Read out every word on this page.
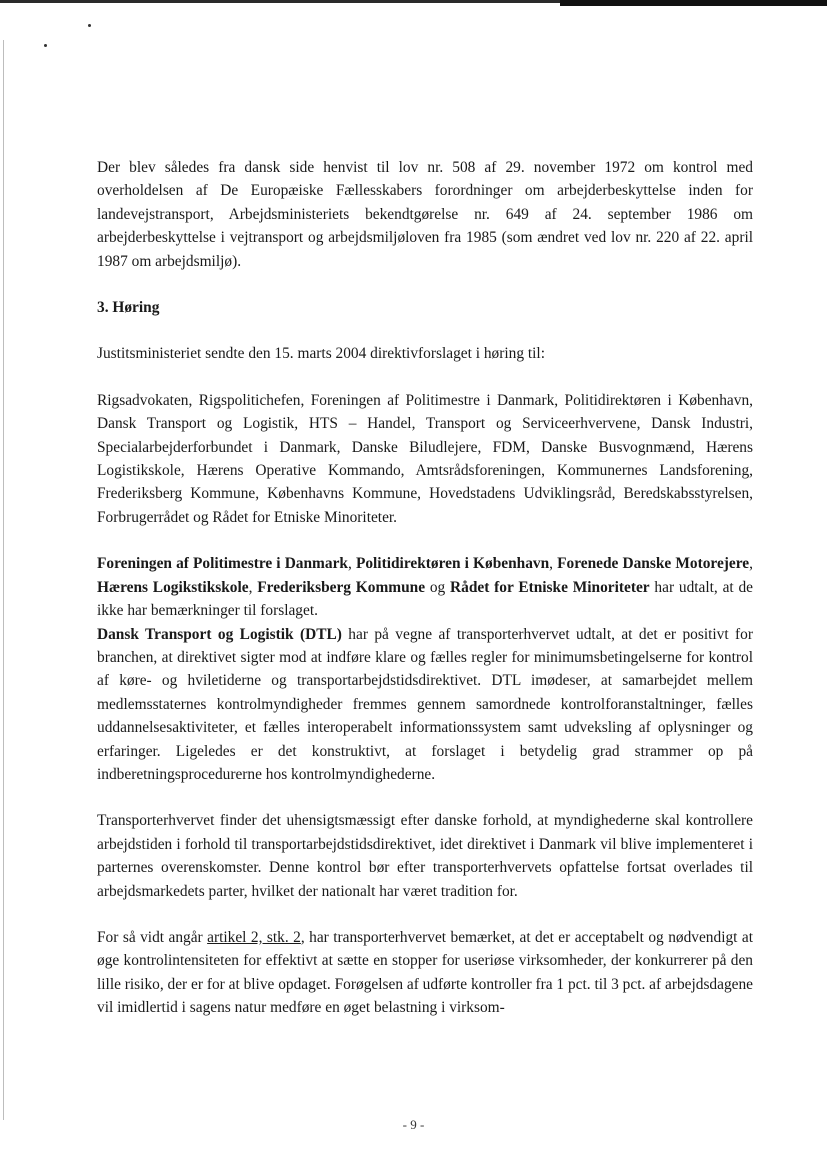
Der blev således fra dansk side henvist til lov nr. 508 af 29. november 1972 om kontrol med overholdelsen af De Europæiske Fællesskabers forordninger om arbejderbeskyttelse inden for landevejstransport, Arbejdsministeriets bekendtgørelse nr. 649 af 24. september 1986 om arbejderbeskyttelse i vejtransport og arbejdsmiljøloven fra 1985 (som ændret ved lov nr. 220 af 22. april 1987 om arbejdsmiljø).

3. Høring

Justitsministeriet sendte den 15. marts 2004 direktivforslaget i høring til:

Rigsadvokaten, Rigspolitichefen, Foreningen af Politimestre i Danmark, Politidirektøren i København, Dansk Transport og Logistik, HTS – Handel, Transport og Serviceerhvervene, Dansk Industri, Specialarbejderforbundet i Danmark, Danske Biludlejere, FDM, Danske Busvognmænd, Hærens Logistikskole, Hærens Operative Kommando, Amtsrådsforeningen, Kommunernes Landsforening, Frederiksberg Kommune, Københavns Kommune, Hovedstadens Udviklingsråd, Beredskabsstyrelsen, Forbrugerrådet og Rådet for Etniske Minoriteter.

Foreningen af Politimestre i Danmark, Politidirektøren i København, Forenede Danske Motorejere, Hærens Logikstikskole, Frederiksberg Kommune og Rådet for Etniske Minoriteter har udtalt, at de ikke har bemærkninger til forslaget.

Dansk Transport og Logistik (DTL) har på vegne af transporterhvervet udtalt, at det er positivt for branchen, at direktivet sigter mod at indføre klare og fælles regler for minimumsbetingelserne for kontrol af køre- og hviletiderne og transportarbejdstidsdirektivet. DTL imødeser, at samarbejdet mellem medlemsstaternes kontrolmyndigheder fremmes gennem samordnede kontrolforanstaltninger, fælles uddannelsesaktiviteter, et fælles interoperabelt informationssystem samt udveksling af oplysninger og erfaringer. Ligeledes er det konstruktivt, at forslaget i betydelig grad strammer op på indberetningsprocedurerne hos kontrolmyndighederne.

Transporterhvervet finder det uhensigtsmæssigt efter danske forhold, at myndighederne skal kontrollere arbejdstiden i forhold til transportarbejdstidsdirektivet, idet direktivet i Danmark vil blive implementeret i parternes overenskomster. Denne kontrol bør efter transporterhvervets opfattelse fortsat overlades til arbejdsmarkedets parter, hvilket der nationalt har været tradition for.

For så vidt angår artikel 2, stk. 2, har transporterhvervet bemærket, at det er acceptabelt og nødvendigt at øge kontrolintensiteten for effektivt at sætte en stopper for useriøse virksomheder, der konkurrerer på den lille risiko, der er for at blive opdaget. Forøgelsen af udførte kontroller fra 1 pct. til 3 pct. af arbejdsdagene vil imidlertid i sagens natur medføre en øget belastning i virksom-

- 9 -
